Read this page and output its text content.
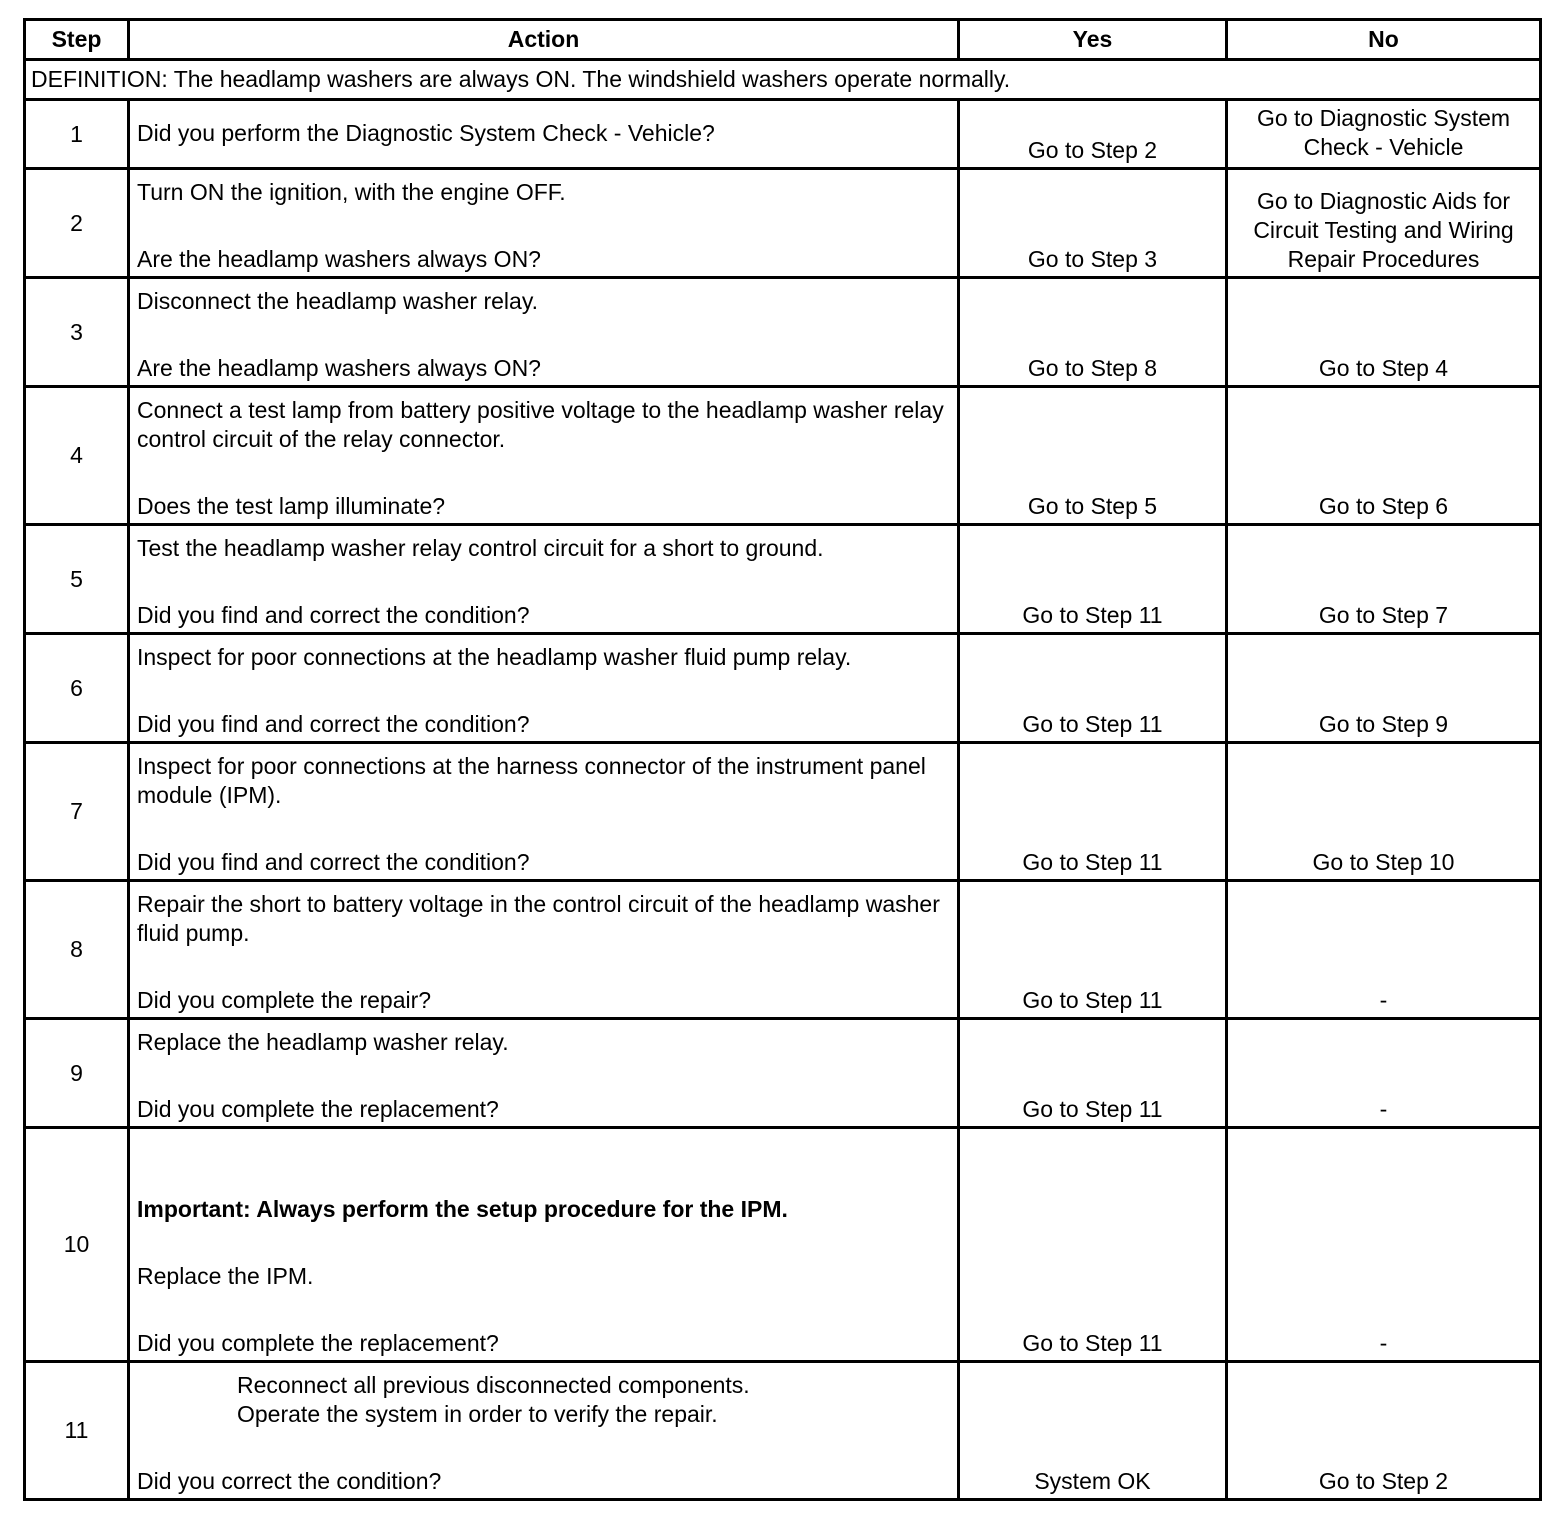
Step	Action	Yes	No
DEFINITION: The headlamp washers are always ON. The windshield washers operate normally.			
1	Did you perform the Diagnostic System Check - Vehicle?	Go to Step 2	Go to Diagnostic System
Check - Vehicle

2	Turn ON the ignition, with the engine OFF.
Are the headlamp washers always ON?	Go to Step 3	Go to Diagnostic Aids for
Circuit Testing and Wiring
Repair Procedures

3	Disconnect the headlamp washer relay.
Are the headlamp washers always ON?	Go to Step 8	Go to Step 4
4	Connect a test lamp from battery positive voltage to the headlamp washer relay control circuit of the relay connector.
Does the test lamp illuminate?	Go to Step 5	Go to Step 6
5	Test the headlamp washer relay control circuit for a short to ground.
Did you find and correct the condition?	Go to Step 11	Go to Step 7
6	Inspect for poor connections at the headlamp washer fluid pump relay.
Did you find and correct the condition?	Go to Step 11	Go to Step 9
7	Inspect for poor connections at the harness connector of the instrument panel module (IPM).
Did you find and correct the condition?	Go to Step 11	Go to Step 10
8	Repair the short to battery voltage in the control circuit of the headlamp washer fluid pump.
Did you complete the repair?	Go to Step 11	-
9	Replace the headlamp washer relay.
Did you complete the replacement?	Go to Step 11	-
10	Important: Always perform the setup procedure for the IPM.
Replace the IPM.
Did you complete the replacement?	Go to Step 11	-
11	Reconnect all previous disconnected components.
Operate the system in order to verify the repair.
Did you correct the condition?	System OK	Go to Step 2
